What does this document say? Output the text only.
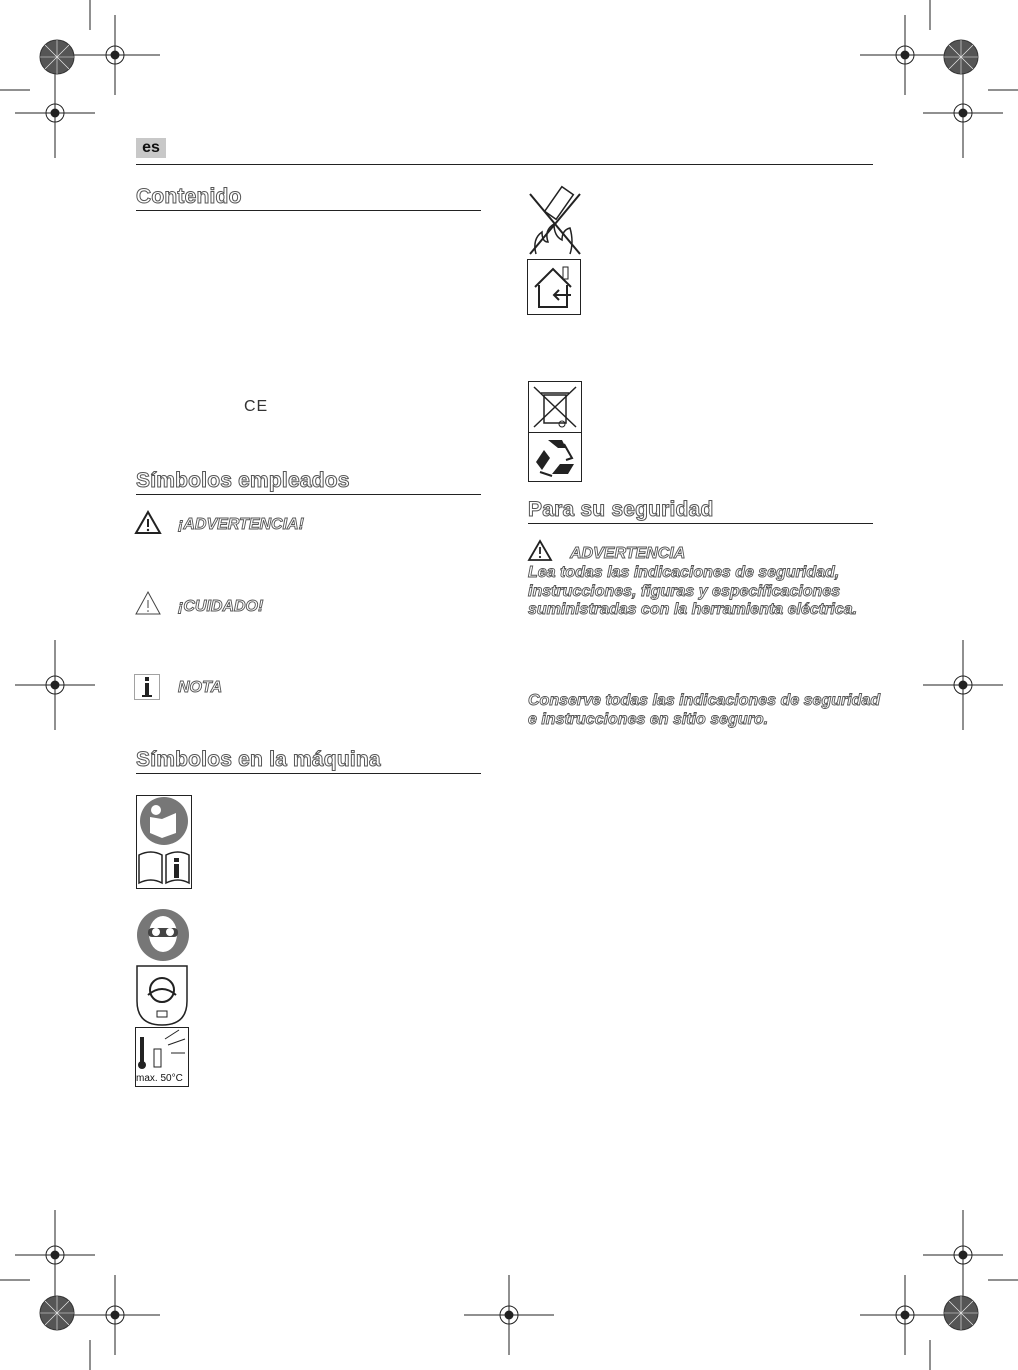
es
Contenido
CE
Símbolos empleados
¡ADVERTENCIA!
¡CUIDADO!
NOTA
Símbolos en la máquina
max. 50°C
Para su seguridad
ADVERTENCIA
Lea todas las indicaciones de seguridad,
instrucciones, figuras y especificaciones
suministradas con la herramienta eléctrica.
Conserve todas las indicaciones de seguridad
e instrucciones en sitio seguro.
